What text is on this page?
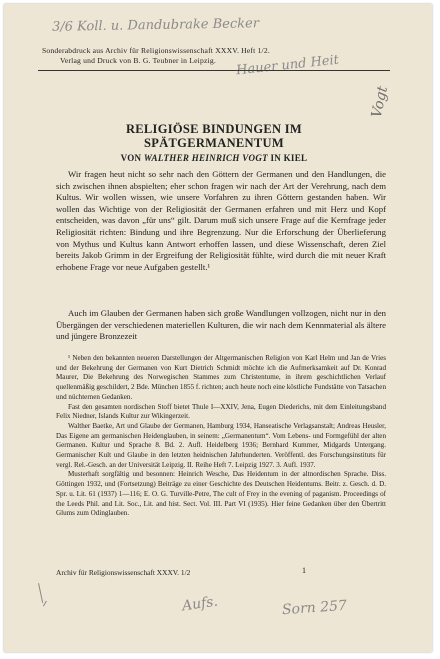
3/6 Koll. u. Dandubrake Becker
Sonderabdruck aus Archiv für Religionswissenschaft XXXV. Heft 1/2.
Verlag und Druck von B. G. Teubner in Leipzig.	Hauer und Heit
Vogt
RELIGIÖSE BINDUNGEN IM
SPÄTGERMANENTUM
VON WALTHER HEINRICH VOGT IN KIEL

Wir fragen heut nicht so sehr nach den Göttern der Germanen und den Handlungen, die sich zwischen ihnen abspielten; eher schon fragen wir nach der Art der Verehrung, nach dem Kultus. Wir wollen wissen, wie unsere Vorfahren zu ihren Göttern gestanden haben. Wir wollen das Wichtige von der Religiosität der Germanen erfahren und mit Herz und Kopf entscheiden, was davon „für uns“ gilt. Darum muß sich unsere Frage auf die Kernfrage jeder Religiosität richten: Bindung und ihre Begrenzung. Nur die Erforschung der Überlieferung von Mythus und Kultus kann Antwort erhoffen lassen, und diese Wissenschaft, deren Ziel bereits Jakob Grimm in der Ergreifung der Religiosität fühlte, wird durch die mit neuer Kraft erhobene Frage vor neue Aufgaben gestellt.¹

Auch im Glauben der Germanen haben sich große Wandlungen vollzogen, nicht nur in den Übergängen der verschiedenen materiellen Kulturen, die wir nach dem Kennmaterial als ältere und jüngere Bronzezeit

¹ Neben den bekannten neueren Darstellungen der Altgermanischen Religion von Karl Helm und Jan de Vries und der Bekehrung der Germanen von Kurt Dietrich Schmidt möchte ich die Aufmerksamkeit auf Dr. Konrad Maurer, Die Bekehrung des Norwegischen Stammes zum Christentume, in ihrem geschichtlichen Verlauf quellenmäßig geschildert, 2 Bde. München 1855 f. richten; auch heute noch eine köstliche Fundstätte von Tatsachen und nüchternen Gedanken.

Fast den gesamten nordischen Stoff bietet Thule I—XXIV, Jena, Eugen Diederichs, mit dem Einleitungsband Felix Niedner, Islands Kultur zur Wikingerzeit.

Walther Baetke, Art und Glaube der Germanen, Hamburg 1934, Hanseatische Verlagsanstalt; Andreas Heusler, Das Eigene am germanischen Heidenglauben, in seinem: „Germanentum“. Vom Lebens- und Formgefühl der alten Germanen. Kultur und Sprache 8. Bd. 2. Aufl. Heidelberg 1936; Bernhard Kummer, Midgards Untergang. Germanischer Kult und Glaube in den letzten heidnischen Jahrhunderten. Veröffentl. des Forschungsinstituts für vergl. Rel.-Gesch. an der Universität Leipzig. II. Reihe Heft 7. Leipzig 1927. 3. Aufl. 1937.

Musterhaft sorgfältig und besonnen: Heinrich Wesche, Das Heidentum in der altnordischen Sprache. Diss. Göttingen 1932, und (Fortsetzung) Beiträge zu einer Geschichte des Deutschen Heidentums. Beitr. z. Gesch. d. D. Spr. u. Lit. 61 (1937) 1—116; E. O. G. Turville-Petre, The cult of Frey in the evening of paganism. Proceedings of the Leeds Phil. and Lit. Soc., Lit. and hist. Sect. Vol. III. Part VI (1935). Hier feine Gedanken über den Übertritt Glums zum Odinglauben.

Archiv für Religionswissenschaft XXXV. 1/2	1
Aufs.	Sorn 257
